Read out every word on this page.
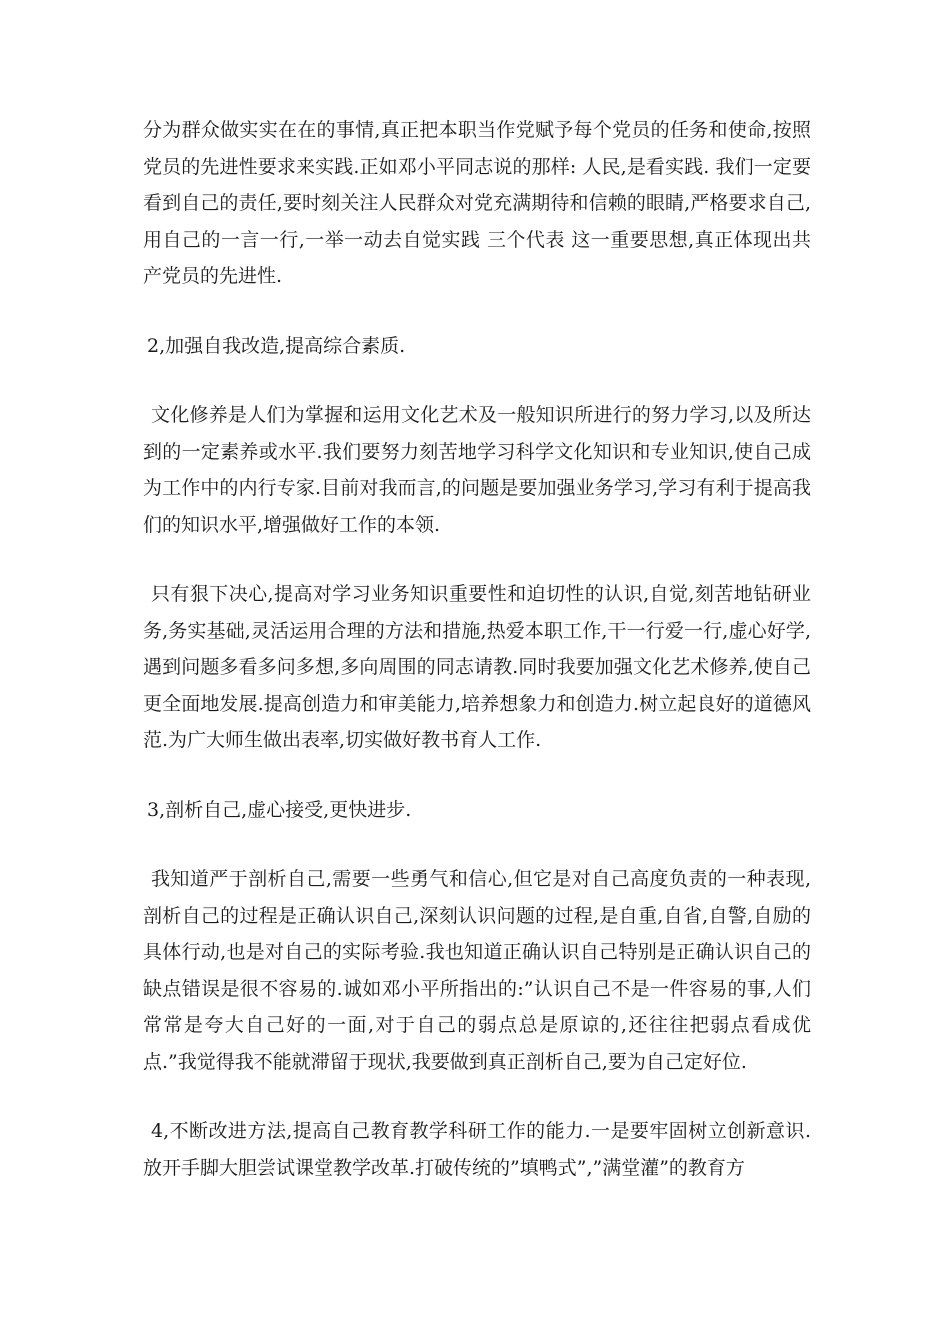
分为群众做实实在在的事情,真正把本职当作党赋予每个党员的任务和使命,按照党员的先进性要求来实践.正如邓小平同志说的那样: 人民,是看实践. 我们一定要看到自己的责任,要时刻关注人民群众对党充满期待和信赖的眼睛,严格要求自己,用自己的一言一行,一举一动去自觉实践 三个代表 这一重要思想,真正体现出共产党员的先进性.

2,加强自我改造,提高综合素质.

文化修养是人们为掌握和运用文化艺术及一般知识所进行的努力学习,以及所达到的一定素养或水平.我们要努力刻苦地学习科学文化知识和专业知识,使自己成为工作中的内行专家.目前对我而言,的问题是要加强业务学习,学习有利于提高我们的知识水平,增强做好工作的本领.

只有狠下决心,提高对学习业务知识重要性和迫切性的认识,自觉,刻苦地钻研业务,务实基础,灵活运用合理的方法和措施,热爱本职工作,干一行爱一行,虚心好学,遇到问题多看多问多想,多向周围的同志请教.同时我要加强文化艺术修养,使自己更全面地发展.提高创造力和审美能力,培养想象力和创造力.树立起良好的道德风范.为广大师生做出表率,切实做好教书育人工作.

3,剖析自己,虚心接受,更快进步.

我知道严于剖析自己,需要一些勇气和信心,但它是对自己高度负责的一种表现,剖析自己的过程是正确认识自己,深刻认识问题的过程,是自重,自省,自警,自励的具体行动,也是对自己的实际考验.我也知道正确认识自己特别是正确认识自己的缺点错误是很不容易的.诚如邓小平所指出的:”认识自己不是一件容易的事,人们常常是夸大自己好的一面,对于自己的弱点总是原谅的,还往往把弱点看成优点.”我觉得我不能就滞留于现状,我要做到真正剖析自己,要为自己定好位.

4,不断改进方法,提高自己教育教学科研工作的能力.一是要牢固树立创新意识.放开手脚大胆尝试课堂教学改革.打破传统的”填鸭式”,”满堂灌”的教育方
